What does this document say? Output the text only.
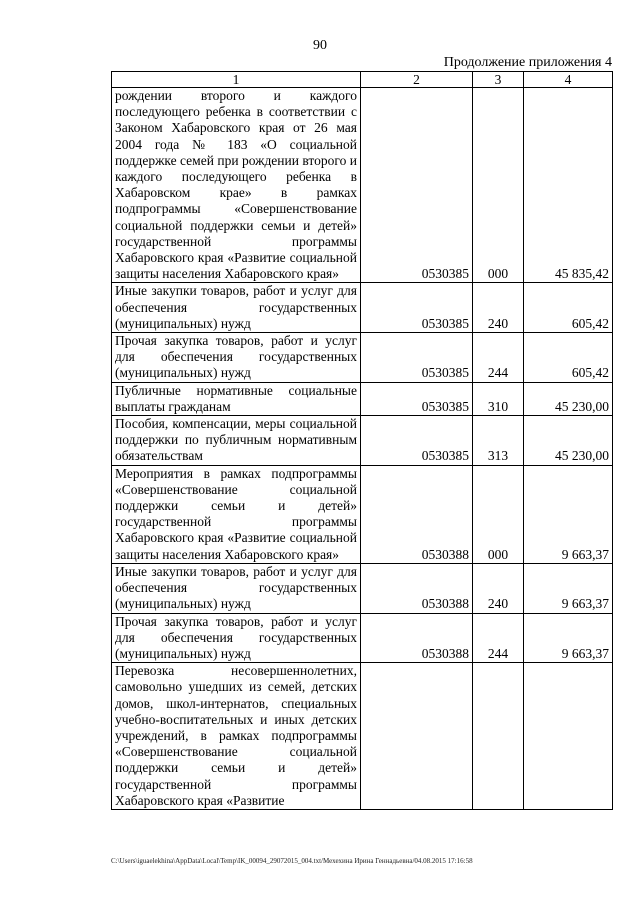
90
Продолжение приложения 4
1	2	3	4
рождении второго и каждого последующего ребенка в соответствии с Законом Хабаровского края от 26 мая 2004 года № 183 «О социальной поддержке семей при рождении второго и каждого последующего ребенка в Хабаровском крае» в рамках подпрограммы «Совершенствование социальной поддержки семьи и детей» государственной программы Хабаровского края «Развитие социальной защиты населения Хабаровского края»	0530385	000	45 835,42
Иные закупки товаров, работ и услуг для обеспечения государственных (муниципальных) нужд	0530385	240	605,42
Прочая закупка товаров, работ и услуг для обеспечения государственных (муниципальных) нужд	0530385	244	605,42
Публичные нормативные социальные выплаты гражданам	0530385	310	45 230,00
Пособия, компенсации, меры социальной поддержки по публичным нормативным обязательствам	0530385	313	45 230,00
Мероприятия в рамках подпрограммы «Совершенствование социальной поддержки семьи и детей» государственной программы Хабаровского края «Развитие социальной защиты населения Хабаровского края»	0530388	000	9 663,37
Иные закупки товаров, работ и услуг для обеспечения государственных (муниципальных) нужд	0530388	240	9 663,37
Прочая закупка товаров, работ и услуг для обеспечения государственных (муниципальных) нужд	0530388	244	9 663,37
Перевозка несовершеннолетних, самовольно ушедших из семей, детских домов, школ-интернатов, специальных учебно-воспитательных и иных детских учреждений, в рамках подпрограммы «Совершенствование социальной поддержки семьи и детей» государственной программы Хабаровского края «Развитие			
C:\Users\iguaelekhina\AppData\Local\Temp\IK_00094_29072015_004.txt/Мехехина Ирина Геннадьевна/04.08.2015 17:16:58
